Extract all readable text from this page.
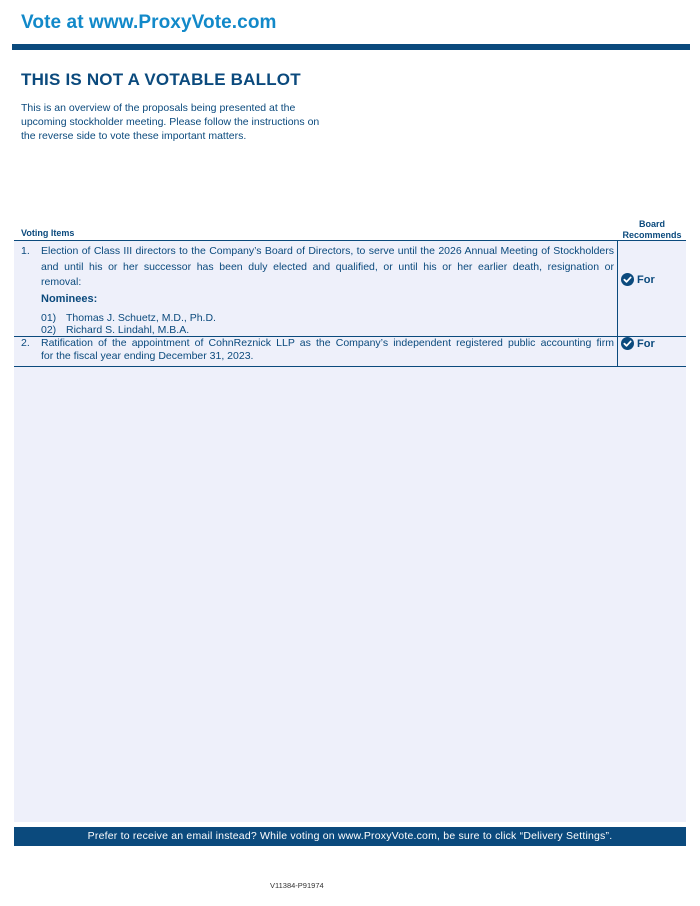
Vote at www.ProxyVote.com
THIS IS NOT A VOTABLE BALLOT
This is an overview of the proposals being presented at the
upcoming stockholder meeting. Please follow the instructions on
the reverse side to vote these important matters.
Voting Items
Board
Recommends
1. Election of Class III directors to the Company’s Board of Directors, to serve until the 2026 Annual Meeting of Stockholders
and until his or her successor has been duly elected and qualified, or until his or her earlier death, resignation or
removal:
Nominees:
01) Thomas J. Schuetz, M.D., Ph.D.
02) Richard S. Lindahl, M.B.A.
For
2. Ratification of the appointment of CohnReznick LLP as the Company’s independent registered public accounting firm
for the fiscal year ending December 31, 2023.
For
Prefer to receive an email instead? While voting on www.ProxyVote.com, be sure to click “Delivery Settings”.
V11384-P91974
